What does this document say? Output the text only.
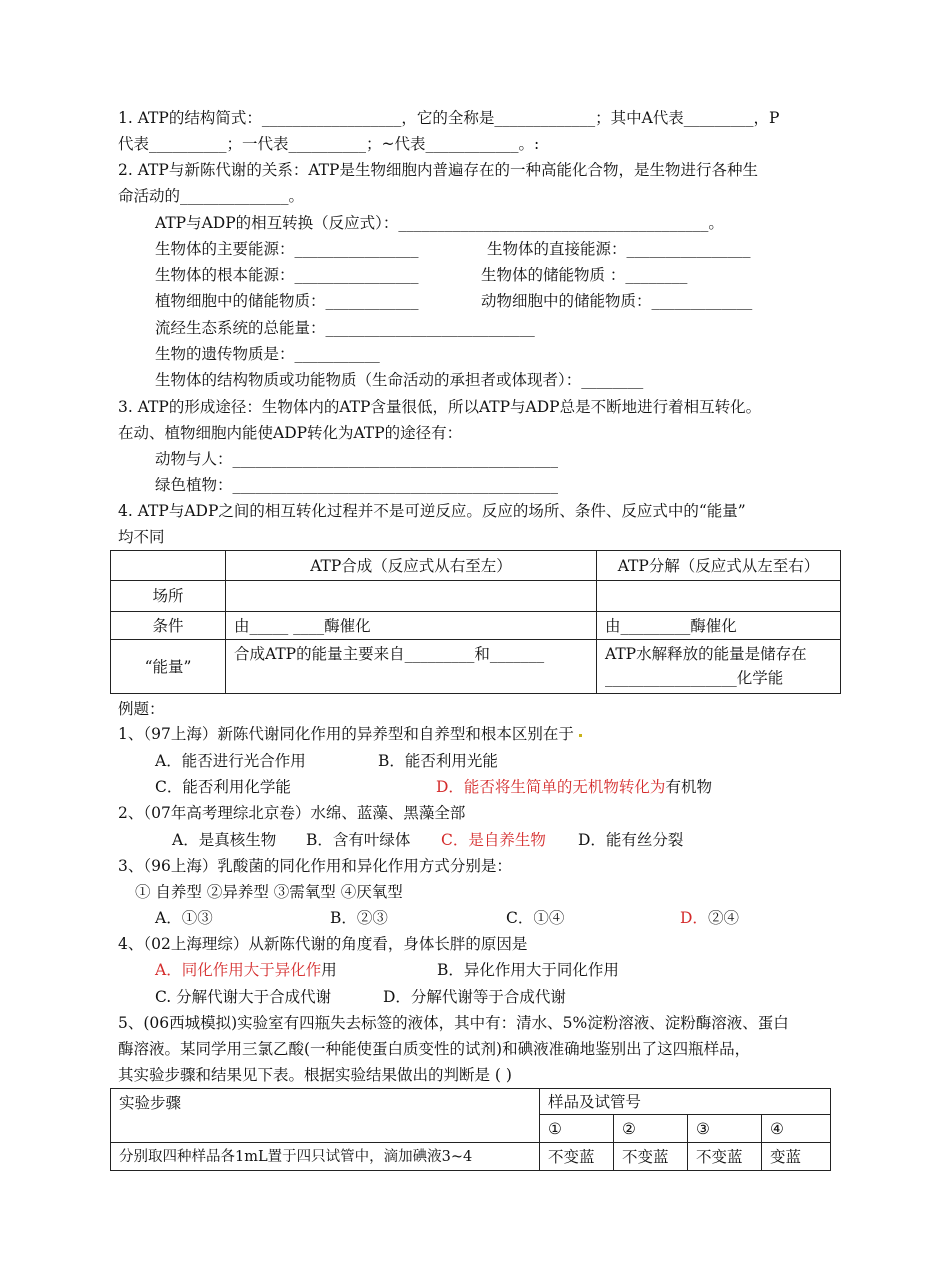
1. ATP的结构简式：__________________，它的全称是_____________；其中A代表_________，P
代表__________；一代表__________；~代表____________。:
2. ATP与新陈代谢的关系：ATP是生物细胞内普遍存在的一种高能化合物，是生物进行各种生
命活动的______________。
ATP与ADP的相互转换（反应式）：________________________________________。
生物体的主要能源：________________	生物体的直接能源：________________
生物体的根本能源：________________	生物体的储能物质 ：________
植物细胞中的储能物质：____________	动物细胞中的储能物质：_____________
流经生态系统的总能量：___________________________
生物的遗传物质是：___________
生物体的结构物质或功能物质（生命活动的承担者或体现者）：________
3. ATP的形成途径：生物体内的ATP含量很低，所以ATP与ADP总是不断地进行着相互转化。
在动、植物细胞内能使ADP转化为ATP的途径有：
动物与人：__________________________________________
绿色植物：__________________________________________
4. ATP与ADP之间的相互转化过程并不是可逆反应。反应的场所、条件、反应式中的“能量”
均不同
	ATP合成（反应式从右至左）	ATP分解（反应式从左至右）
场所		
条件	由_____ ____酶催化	由_________酶催化
“能量”	合成ATP的能量主要来自_________和_______	ATP水解释放的能量是储存在
_________________化学能
例题：
1、（97上海）新陈代谢同化作用的异养型和自养型和根本区别在于
A．能否进行光合作用	B．能否利用光能
C．能否利用化学能	D．能否将生简单的无机物转化为有机物
2、（07年高考理综北京卷）水绵、蓝藻、黑藻全部
A．是真核生物 B．含有叶绿体 C．是自养生物 D．能有丝分裂
3、（96上海）乳酸菌的同化作用和异化作用方式分别是：
① 自养型 ②异养型 ③需氧型 ④厌氧型
A．①③	B．②③	C．①④	D．②④
4、（02上海理综）从新陈代谢的角度看，身体长胖的原因是
A．同化作用大于异化作用	B．异化作用大于同化作用
C. 分解代谢大于合成代谢	D．分解代谢等于合成代谢
5、(06西城模拟)实验室有四瓶失去标签的液体，其中有：清水、5%淀粉溶液、淀粉酶溶液、蛋白
酶溶液。某同学用三氯乙酸(一种能使蛋白质变性的试剂)和碘液准确地鉴别出了这四瓶样品，
其实验步骤和结果见下表。根据实验结果做出的判断是 ( )
实验步骤	样品及试管号			
	①	②	③	④
分别取四种样品各1mL置于四只试管中，滴加碘液3~4	不变蓝	不变蓝	不变蓝	变蓝
